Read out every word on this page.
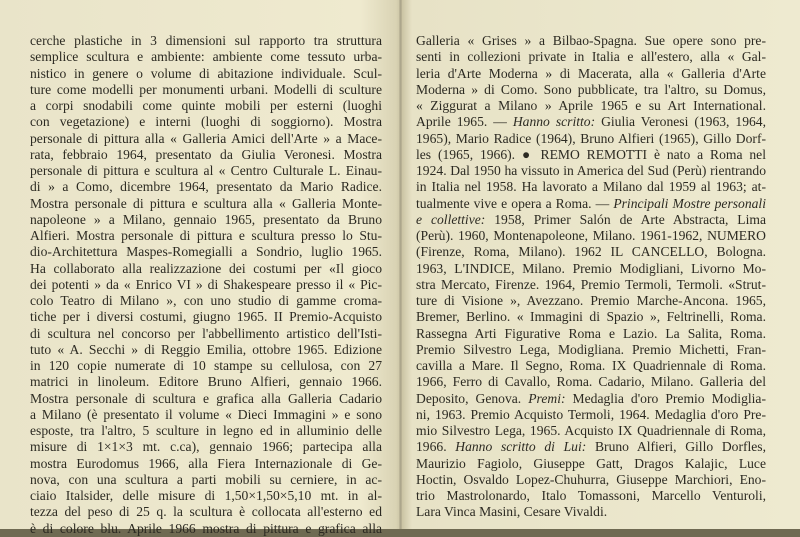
cerche plastiche in 3 dimensioni sul rapporto tra struttura
semplice scultura e ambiente: ambiente come tessuto urba-
nistico in genere o volume di abitazione individuale. Scul-
ture come modelli per monumenti urbani. Modelli di sculture
a corpi snodabili come quinte mobili per esterni (luoghi
con vegetazione) e interni (luoghi di soggiorno). Mostra
personale di pittura alla « Galleria Amici dell'Arte » a Mace-
rata, febbraio 1964, presentato da Giulia Veronesi. Mostra
personale di pittura e scultura al « Centro Culturale L. Einau-
di » a Como, dicembre 1964, presentato da Mario Radice.
Mostra personale di pittura e scultura alla « Galleria Monte-
napoleone » a Milano, gennaio 1965, presentato da Bruno
Alfieri. Mostra personale di pittura e scultura presso lo Stu-
dio-Architettura Maspes-Romegialli a Sondrio, luglio 1965.
Ha collaborato alla realizzazione dei costumi per «Il gioco
dei potenti » da « Enrico VI » di Shakespeare presso il « Pic-
colo Teatro di Milano », con uno studio di gamme croma-
tiche per i diversi costumi, giugno 1965. II Premio-Acquisto
di scultura nel concorso per l'abbellimento artistico dell'Isti-
tuto « A. Secchi » di Reggio Emilia, ottobre 1965. Edizione
in 120 copie numerate di 10 stampe su cellulosa, con 27
matrici in linoleum. Editore Bruno Alfieri, gennaio 1966.
Mostra personale di scultura e grafica alla Galleria Cadario
a Milano (è presentato il volume « Dieci Immagini » e sono
esposte, tra l'altro, 5 sculture in legno ed in alluminio delle
misure di 1×1×3 mt. c.ca), gennaio 1966; partecipa alla
mostra Eurodomus 1966, alla Fiera Internazionale di Ge-
nova, con una scultura a parti mobili su cerniere, in ac-
ciaio Italsider, delle misure di 1,50×1,50×5,10 mt. in al-
tezza del peso di 25 q. la scultura è collocata all'esterno ed
è di colore blu. Aprile 1966 mostra di pittura e grafica alla
Galleria « Grises » a Bilbao-Spagna. Sue opere sono pre-
senti in collezioni private in Italia e all'estero, alla « Gal-
leria d'Arte Moderna » di Macerata, alla « Galleria d'Arte
Moderna » di Como. Sono pubblicate, tra l'altro, su Domus,
« Ziggurat a Milano » Aprile 1965 e su Art International.
Aprile 1965. — Hanno scritto: Giulia Veronesi (1963, 1964,
1965), Mario Radice (1964), Bruno Alfieri (1965), Gillo Dorf-
les (1965, 1966). ● REMO REMOTTI è nato a Roma nel
1924. Dal 1950 ha vissuto in America del Sud (Perù) rientrando
in Italia nel 1958. Ha lavorato a Milano dal 1959 al 1963; at-
tualmente vive e opera a Roma. — Principali Mostre personali
e collettive: 1958, Primer Salón de Arte Abstracta, Lima
(Perù). 1960, Montenapoleone, Milano. 1961-1962, NUMERO
(Firenze, Roma, Milano). 1962 IL CANCELLO, Bologna.
1963, L'INDICE, Milano. Premio Modigliani, Livorno Mo-
stra Mercato, Firenze. 1964, Premio Termoli, Termoli. «Strut-
ture di Visione », Avezzano. Premio Marche-Ancona. 1965,
Bremer, Berlino. « Immagini di Spazio », Feltrinelli, Roma.
Rassegna Arti Figurative Roma e Lazio. La Salita, Roma.
Premio Silvestro Lega, Modigliana. Premio Michetti, Fran-
cavilla a Mare. Il Segno, Roma. IX Quadriennale di Roma.
1966, Ferro di Cavallo, Roma. Cadario, Milano. Galleria del
Deposito, Genova. Premi: Medaglia d'oro Premio Modiglia-
ni, 1963. Premio Acquisto Termoli, 1964. Medaglia d'oro Pre-
mio Silvestro Lega, 1965. Acquisto IX Quadriennale di Roma,
1966. Hanno scritto di Lui: Bruno Alfieri, Gillo Dorfles,
Maurizio Fagiolo, Giuseppe Gatt, Dragos Kalajic, Luce
Hoctin, Osvaldo Lopez-Chuhurra, Giuseppe Marchiori, Eno-
trio Mastrolonardo, Italo Tomassoni, Marcello Venturoli,
Lara Vinca Masini, Cesare Vivaldi.
